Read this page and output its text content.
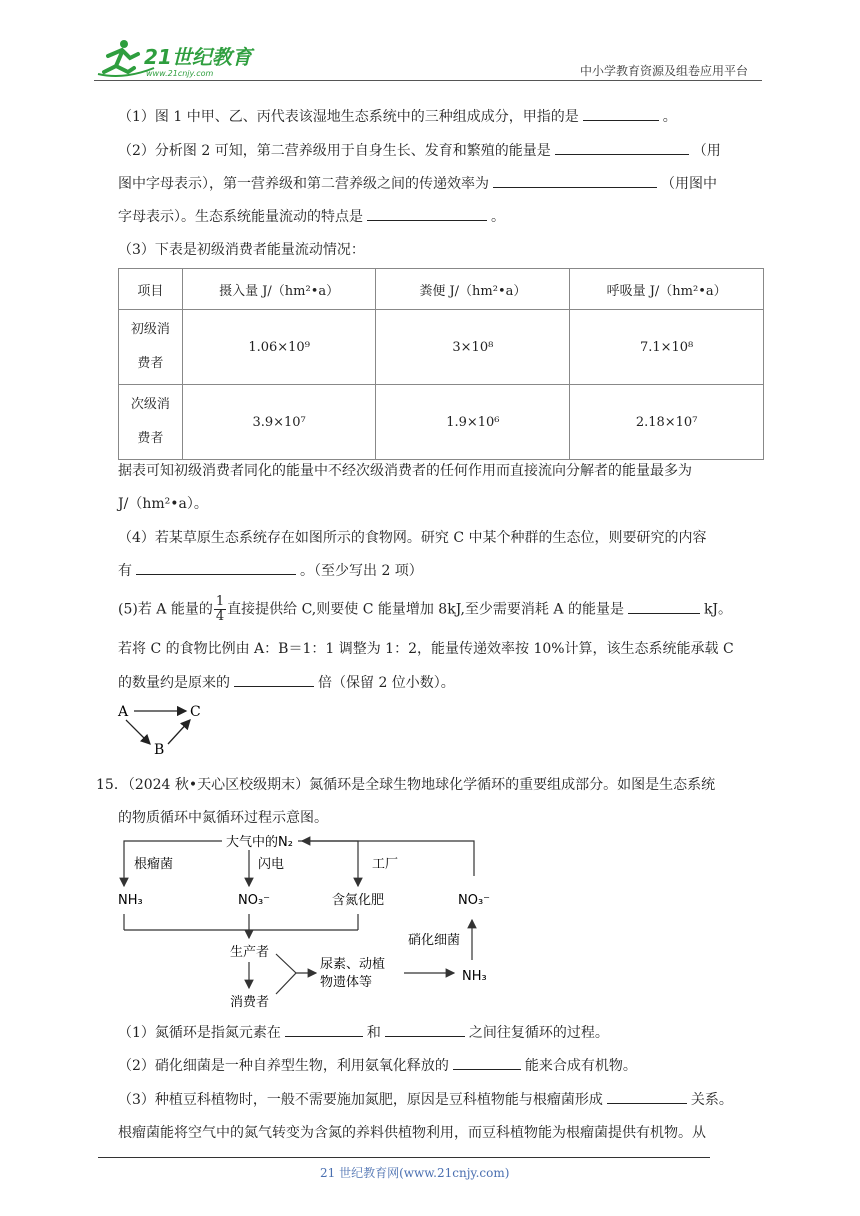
21世纪教育
www.21cnjy.com	中小学教育资源及组卷应用平台
（1）图 1 中甲、乙、丙代表该湿地生态系统中的三种组成成分，甲指的是	。
（2）分析图 2 可知，第二营养级用于自身生长、发育和繁殖的能量是	（用
图中字母表示），第一营养级和第二营养级之间的传递效率为	（用图中
字母表示）。生态系统能量流动的特点是	。
（3）下表是初级消费者能量流动情况：
项目	摄入量 J/（hm²•a）	粪便 J/（hm²•a）	呼吸量 J/（hm²•a）
初级消
费者	1.06×10⁹	3×10⁸	7.1×10⁸
次级消
费者	3.9×10⁷	1.9×10⁶	2.18×10⁷
据表可知初级消费者同化的能量中不经次级消费者的任何作用而直接流向分解者的能量最多为
J/（hm²•a）。
（4）若某草原生态系统存在如图所示的食物网。研究 C 中某个种群的生态位，则要研究的内容
有	。（至少写出 2 项）
(5)若 A 能量的 $\frac{1}{4}$ 直接提供给 C,则要使 C 能量增加 8kJ,至少需要消耗 A 的能量是	kJ。
若将 C 的食物比例由 A：B＝1：1 调整为 1：2，能量传递效率按 10%计算，该生态系统能承载 C
的数量约是原来的	倍（保留 2 位小数）。
A	C
B
15．（2024 秋•天心区校级期末）氮循环是全球生物地球化学循环的重要组成部分。如图是生态系统
的物质循环中氮循环过程示意图。
大气中的N₂
根瘤菌	闪电	工厂
NH₃	NO₃⁻	含氮化肥	NO₃⁻
生产者
消费者
尿素、动植
物遗体等	NH₃
硝化细菌
（1）氮循环是指氮元素在	和	之间往复循环的过程。
（2）硝化细菌是一种自养型生物，利用氨氧化释放的	能来合成有机物。
（3）种植豆科植物时，一般不需要施加氮肥，原因是豆科植物能与根瘤菌形成	关系。
根瘤菌能将空气中的氮气转变为含氮的养料供植物利用，而豆科植物能为根瘤菌提供有机物。从
21 世纪教育网(www.21cnjy.com)
